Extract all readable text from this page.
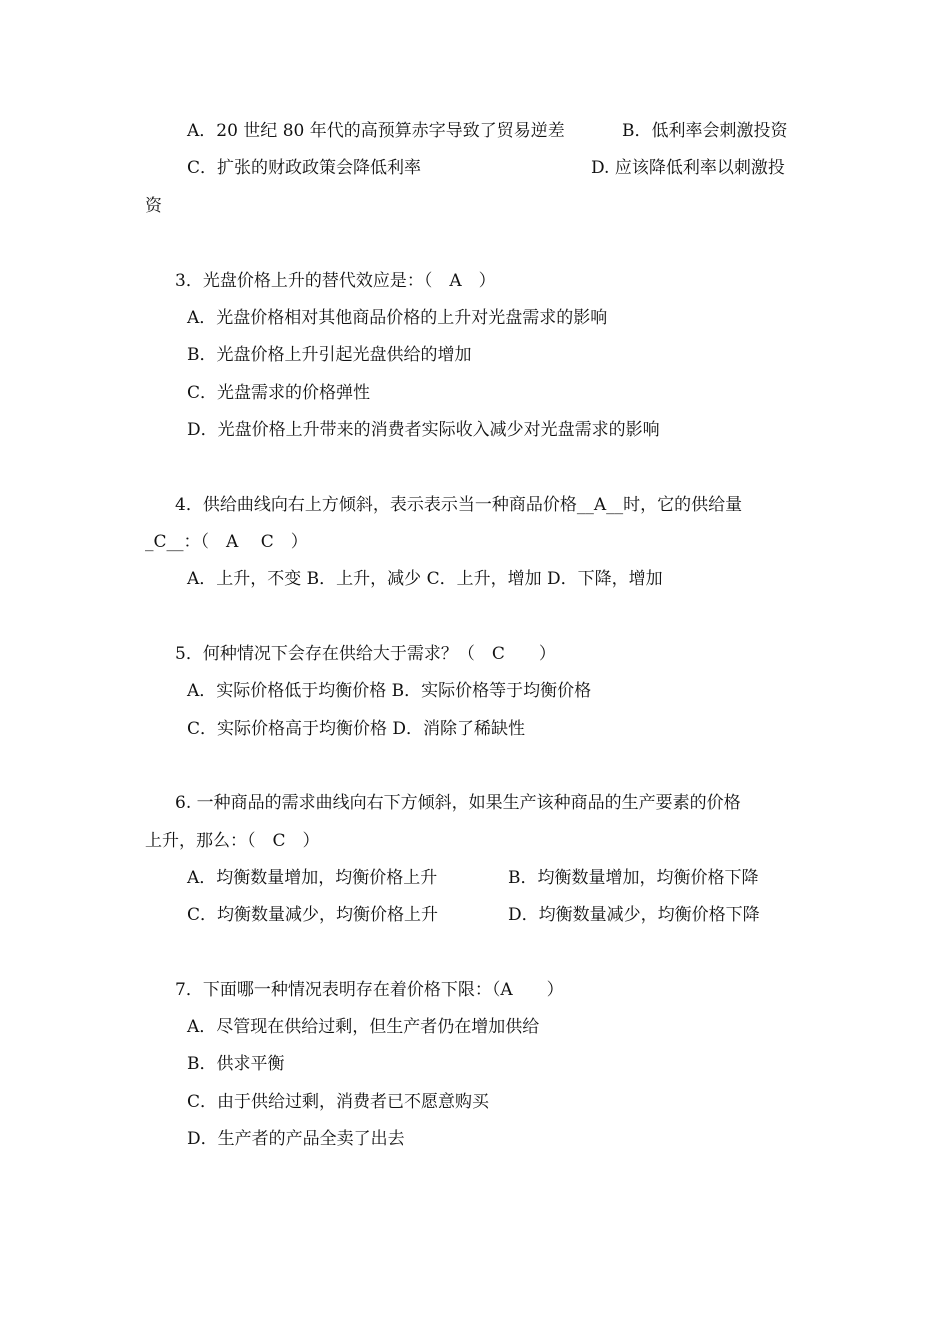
A．20 世纪 80 年代的高预算赤字导致了贸易逆差	B．低利率会刺激投资
C．扩张的财政政策会降低利率	D. 应该降低利率以刺激投
资
3．光盘价格上升的替代效应是：（　A　）
A．光盘价格相对其他商品价格的上升对光盘需求的影响
B．光盘价格上升引起光盘供给的增加
C．光盘需求的价格弹性
D．光盘价格上升带来的消费者实际收入减少对光盘需求的影响
4．供给曲线向右上方倾斜，表示表示当一种商品价格__A__时，它的供给量
_C__：（　A　 C　）
A．上升，不变 B．上升，减少 C．上升，增加 D．下降，增加
5．何种情况下会存在供给大于需求？（　C　　）
A．实际价格低于均衡价格 B．实际价格等于均衡价格
C．实际价格高于均衡价格 D．消除了稀缺性
6. 一种商品的需求曲线向右下方倾斜，如果生产该种商品的生产要素的价格
上升，那么：（　C　）
A．均衡数量增加，均衡价格上升	B．均衡数量增加，均衡价格下降
C．均衡数量减少，均衡价格上升	D．均衡数量减少，均衡价格下降
7．下面哪一种情况表明存在着价格下限：（A　　）
A．尽管现在供给过剩，但生产者仍在增加供给
B．供求平衡
C．由于供给过剩，消费者已不愿意购买
D．生产者的产品全卖了出去
